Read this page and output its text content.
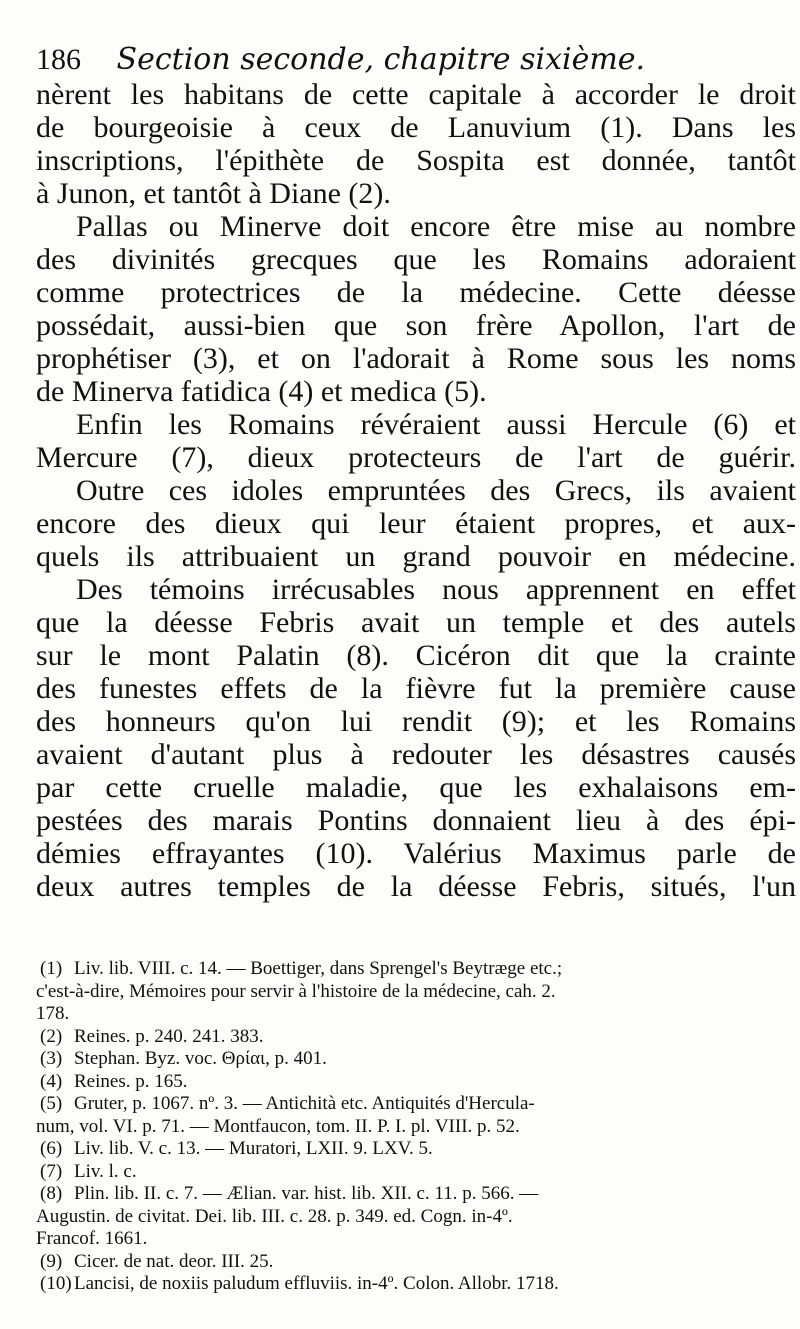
186 Section seconde, chapitre sixième.
nèrent les habitans de cette capitale à accorder le droit
de bourgeoisie à ceux de Lanuvium (1). Dans les
inscriptions, l'épithète de Sospita est donnée, tantôt
à Junon, et tantôt à Diane (2).
Pallas ou Minerve doit encore être mise au nombre
des divinités grecques que les Romains adoraient
comme protectrices de la médecine. Cette déesse
possédait, aussi-bien que son frère Apollon, l'art de
prophétiser (3), et on l'adorait à Rome sous les noms
de Minerva fatidica (4) et medica (5).
Enfin les Romains révéraient aussi Hercule (6) et
Mercure (7), dieux protecteurs de l'art de guérir.
Outre ces idoles empruntées des Grecs, ils avaient
encore des dieux qui leur étaient propres, et aux-
quels ils attribuaient un grand pouvoir en médecine.
Des témoins irrécusables nous apprennent en effet
que la déesse Febris avait un temple et des autels
sur le mont Palatin (8). Cicéron dit que la crainte
des funestes effets de la fièvre fut la première cause
des honneurs qu'on lui rendit (9); et les Romains
avaient d'autant plus à redouter les désastres causés
par cette cruelle maladie, que les exhalaisons em-
pestées des marais Pontins donnaient lieu à des épi-
démies effrayantes (10). Valérius Maximus parle de
deux autres temples de la déesse Febris, situés, l'un
(1) Liv. lib. VIII. c. 14. — Boettiger, dans Sprengel's Beytræge etc.;
c'est-à-dire, Mémoires pour servir à l'histoire de la médecine, cah. 2.
178.
(2) Reines. p. 240. 241. 383.
(3) Stephan. Byz. voc. Θρίαι, p. 401.
(4) Reines. p. 165.
(5) Gruter, p. 1067. nº. 3. — Antichità etc. Antiquités d'Hercula-
num, vol. VI. p. 71. — Montfaucon, tom. II. P. I. pl. VIII. p. 52.
(6) Liv. lib. V. c. 13. — Muratori, LXII. 9. LXV. 5.
(7) Liv. l. c.
(8) Plin. lib. II. c. 7. — Ælian. var. hist. lib. XII. c. 11. p. 566. —
Augustin. de civitat. Dei. lib. III. c. 28. p. 349. ed. Cogn. in-4º.
Francof. 1661.
(9) Cicer. de nat. deor. III. 25.
(10) Lancisi, de noxiis paludum effluviis. in-4º. Colon. Allobr. 1718.
